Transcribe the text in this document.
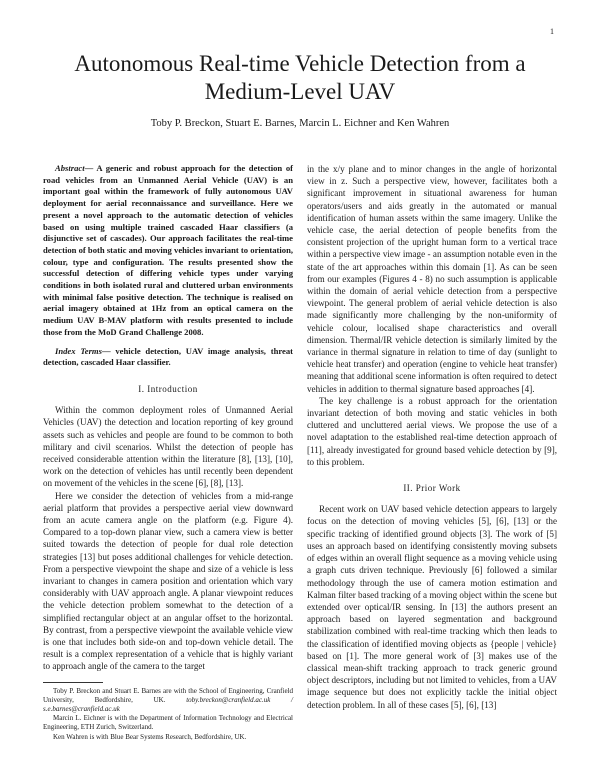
1
Autonomous Real-time Vehicle Detection from a Medium-Level UAV
Toby P. Breckon, Stuart E. Barnes, Marcin L. Eichner and Ken Wahren

Abstract— A generic and robust approach for the detection of road vehicles from an Unmanned Aerial Vehicle (UAV) is an important goal within the framework of fully autonomous UAV deployment for aerial reconnaissance and surveillance. Here we present a novel approach to the automatic detection of vehicles based on using multiple trained cascaded Haar classifiers (a disjunctive set of cascades). Our approach facilitates the real-time detection of both static and moving vehicles invariant to orientation, colour, type and configuration. The results presented show the successful detection of differing vehicle types under varying conditions in both isolated rural and cluttered urban environments with minimal false positive detection. The technique is realised on aerial imagery obtained at 1Hz from an optical camera on the medium UAV B-MAV platform with results presented to include those from the MoD Grand Challenge 2008.

Index Terms— vehicle detection, UAV image analysis, threat detection, cascaded Haar classifier.

I. Introduction

Within the common deployment roles of Unmanned Aerial Vehicles (UAV) the detection and location reporting of key ground assets such as vehicles and people are found to be common to both military and civil scenarios. Whilst the detection of people has received considerable attention within the literature [8], [13], [10], work on the detection of vehicles has until recently been dependent on movement of the vehicles in the scene [6], [8], [13].

Here we consider the detection of vehicles from a mid-range aerial platform that provides a perspective aerial view downward from an acute camera angle on the platform (e.g. Figure 4). Compared to a top-down planar view, such a camera view is better suited towards the detection of people for dual role detection strategies [13] but poses additional challenges for vehicle detection. From a perspective viewpoint the shape and size of a vehicle is less invariant to changes in camera position and orientation which vary considerably with UAV approach angle. A planar viewpoint reduces the vehicle detection problem somewhat to the detection of a simplified rectangular object at an angular offset to the horizontal. By contrast, from a perspective viewpoint the available vehicle view is one that includes both side-on and top-down vehicle detail. The result is a complex representation of a vehicle that is highly variant to approach angle of the camera to the target

Toby P. Breckon and Stuart E. Barnes are with the School of Engineering, Cranfield University, Bedfordshire, UK. toby.breckon@cranfield.ac.uk / s.e.barnes@cranfield.ac.uk

Marcin L. Eichner is with the Department of Information Technology and Electrical Engineering, ETH Zurich, Switzerland.

Ken Wahren is with Blue Bear Systems Research, Bedfordshire, UK.

in the x/y plane and to minor changes in the angle of horizontal view in z. Such a perspective view, however, facilitates both a significant improvement in situational awareness for human operators/users and aids greatly in the automated or manual identification of human assets within the same imagery. Unlike the vehicle case, the aerial detection of people benefits from the consistent projection of the upright human form to a vertical trace within a perspective view image - an assumption notable even in the state of the art approaches within this domain [1]. As can be seen from our examples (Figures 4 - 8) no such assumption is applicable within the domain of aerial vehicle detection from a perspective viewpoint. The general problem of aerial vehicle detection is also made significantly more challenging by the non-uniformity of vehicle colour, localised shape characteristics and overall dimension. Thermal/IR vehicle detection is similarly limited by the variance in thermal signature in relation to time of day (sunlight to vehicle heat transfer) and operation (engine to vehicle heat transfer) meaning that additional scene information is often required to detect vehicles in addition to thermal signature based approaches [4].

The key challenge is a robust approach for the orientation invariant detection of both moving and static vehicles in both cluttered and uncluttered aerial views. We propose the use of a novel adaptation to the established real-time detection approach of [11], already investigated for ground based vehicle detection by [9], to this problem.

II. Prior Work

Recent work on UAV based vehicle detection appears to largely focus on the detection of moving vehicles [5], [6], [13] or the specific tracking of identified ground objects [3]. The work of [5] uses an approach based on identifying consistently moving subsets of edges within an overall flight sequence as a moving vehicle using a graph cuts driven technique. Previously [6] followed a similar methodology through the use of camera motion estimation and Kalman filter based tracking of a moving object within the scene but extended over optical/IR sensing. In [13] the authors present an approach based on layered segmentation and background stabilization combined with real-time tracking which then leads to the classification of identified moving objects as {people | vehicle} based on [1]. The more general work of [3] makes use of the classical mean-shift tracking approach to track generic ground object descriptors, including but not limited to vehicles, from a UAV image sequence but does not explicitly tackle the initial object detection problem. In all of these cases [5], [6], [13]
